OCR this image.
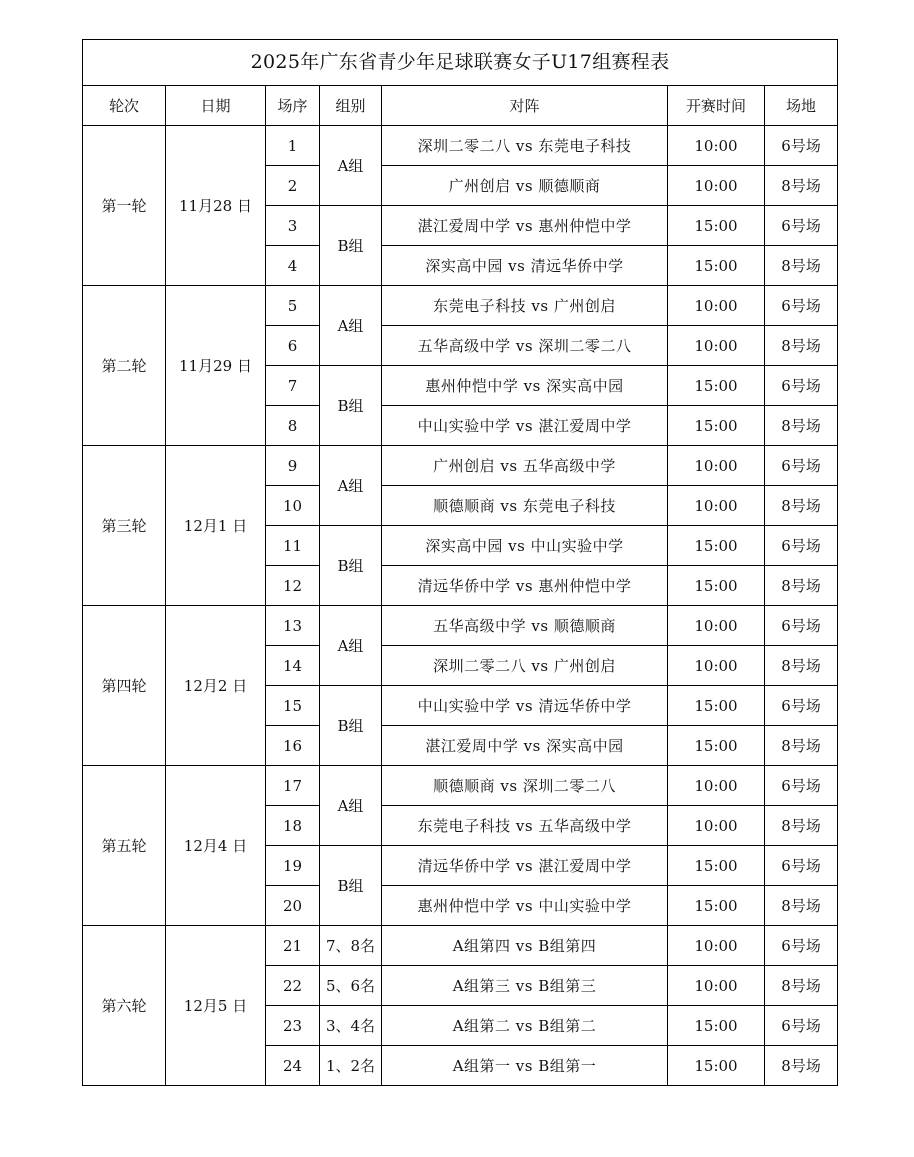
2025年广东省青少年足球联赛女子U17组赛程表						
轮次	日期	场序	组别	对阵	开赛时间	场地
第一轮	11月28 日	1	A组	深圳二零二八 vs 东莞电子科技	10:00	6号场
		2		广州创启 vs 顺德顺商	10:00	8号场
		3	B组	湛江爱周中学 vs 惠州仲恺中学	15:00	6号场
		4		深实高中园 vs 清远华侨中学	15:00	8号场
第二轮	11月29 日	5	A组	东莞电子科技 vs 广州创启	10:00	6号场
		6		五华高级中学 vs 深圳二零二八	10:00	8号场
		7	B组	惠州仲恺中学 vs 深实高中园	15:00	6号场
		8		中山实验中学 vs 湛江爱周中学	15:00	8号场
第三轮	12月1 日	9	A组	广州创启 vs 五华高级中学	10:00	6号场
		10		顺德顺商 vs 东莞电子科技	10:00	8号场
		11	B组	深实高中园 vs 中山实验中学	15:00	6号场
		12		清远华侨中学 vs 惠州仲恺中学	15:00	8号场
第四轮	12月2 日	13	A组	五华高级中学 vs 顺德顺商	10:00	6号场
		14		深圳二零二八 vs 广州创启	10:00	8号场
		15	B组	中山实验中学 vs 清远华侨中学	15:00	6号场
		16		湛江爱周中学 vs 深实高中园	15:00	8号场
第五轮	12月4 日	17	A组	顺德顺商 vs 深圳二零二八	10:00	6号场
		18		东莞电子科技 vs 五华高级中学	10:00	8号场
		19	B组	清远华侨中学 vs 湛江爱周中学	15:00	6号场
		20		惠州仲恺中学 vs 中山实验中学	15:00	8号场
第六轮	12月5 日	21	7、8名	A组第四 vs B组第四	10:00	6号场
		22	5、6名	A组第三 vs B组第三	10:00	8号场
		23	3、4名	A组第二 vs B组第二	15:00	6号场
		24	1、2名	A组第一 vs B组第一	15:00	8号场
